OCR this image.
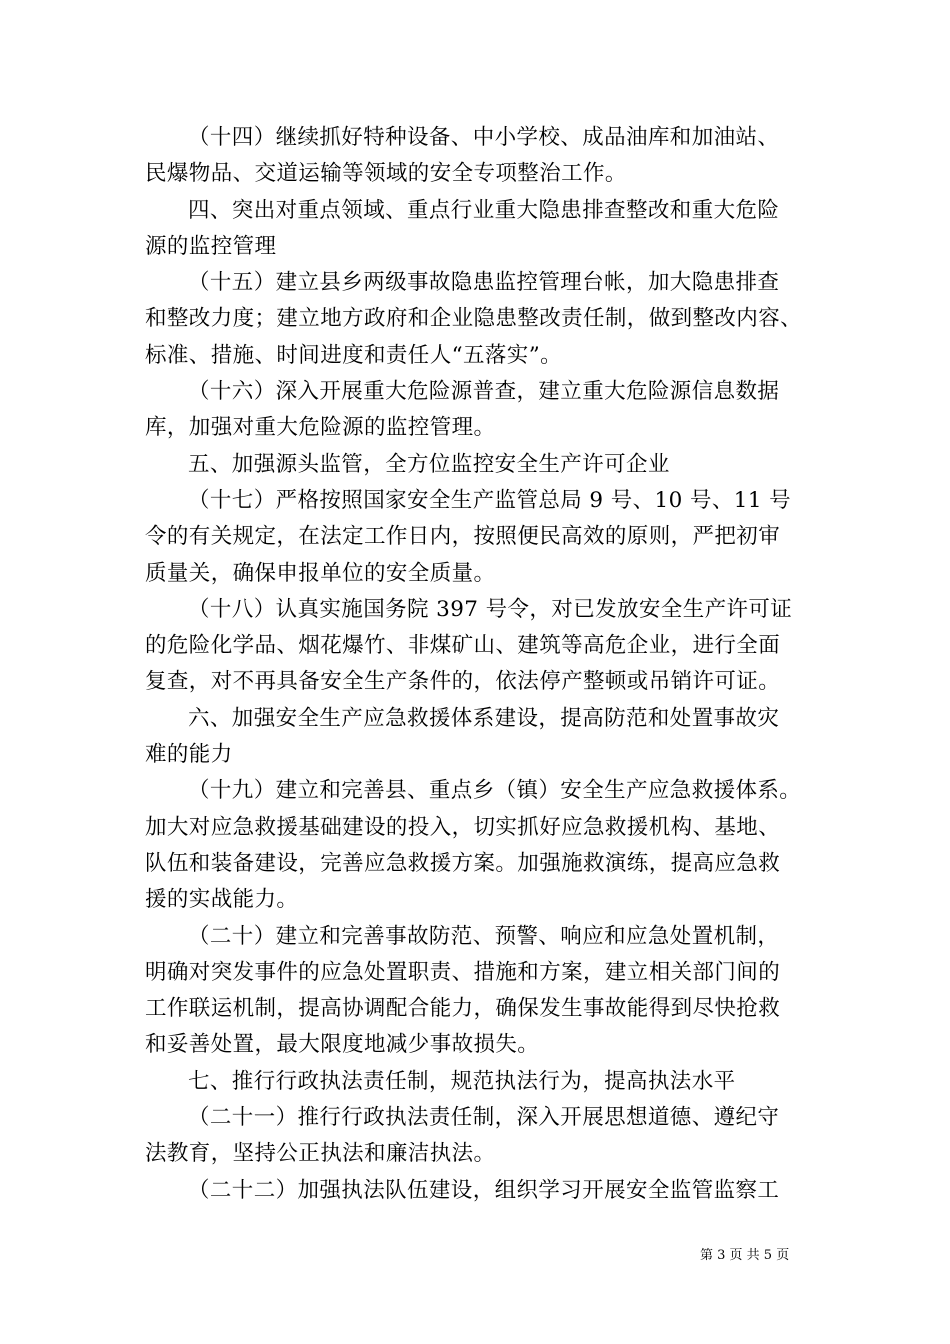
（十四）继续抓好特种设备、中小学校、成品油库和加油站、
民爆物品、交道运输等领域的安全专项整治工作。

四、突出对重点领域、重点行业重大隐患排查整改和重大危险
源的监控管理

（十五）建立县乡两级事故隐患监控管理台帐，加大隐患排查
和整改力度；建立地方政府和企业隐患整改责任制，做到整改内容、
标准、措施、时间进度和责任人“五落实”。

（十六）深入开展重大危险源普查，建立重大危险源信息数据
库，加强对重大危险源的监控管理。

五、加强源头监管，全方位监控安全生产许可企业

（十七）严格按照国家安全生产监管总局 9 号、10 号、11 号
令的有关规定，在法定工作日内，按照便民高效的原则，严把初审
质量关，确保申报单位的安全质量。

（十八）认真实施国务院 397 号令，对已发放安全生产许可证
的危险化学品、烟花爆竹、非煤矿山、建筑等高危企业，进行全面
复查，对不再具备安全生产条件的，依法停产整顿或吊销许可证。

六、加强安全生产应急救援体系建设，提高防范和处置事故灾
难的能力

（十九）建立和完善县、重点乡（镇）安全生产应急救援体系。
加大对应急救援基础建设的投入，切实抓好应急救援机构、基地、
队伍和装备建设，完善应急救援方案。加强施救演练，提高应急救
援的实战能力。

（二十）建立和完善事故防范、预警、响应和应急处置机制，
明确对突发事件的应急处置职责、措施和方案，建立相关部门间的
工作联运机制，提高协调配合能力，确保发生事故能得到尽快抢救
和妥善处置，最大限度地减少事故损失。

七、推行行政执法责任制，规范执法行为，提高执法水平

（二十一）推行行政执法责任制，深入开展思想道德、遵纪守
法教育，坚持公正执法和廉洁执法。

（二十二）加强执法队伍建设，组织学习开展安全监管监察工

第 3 页 共 5 页
